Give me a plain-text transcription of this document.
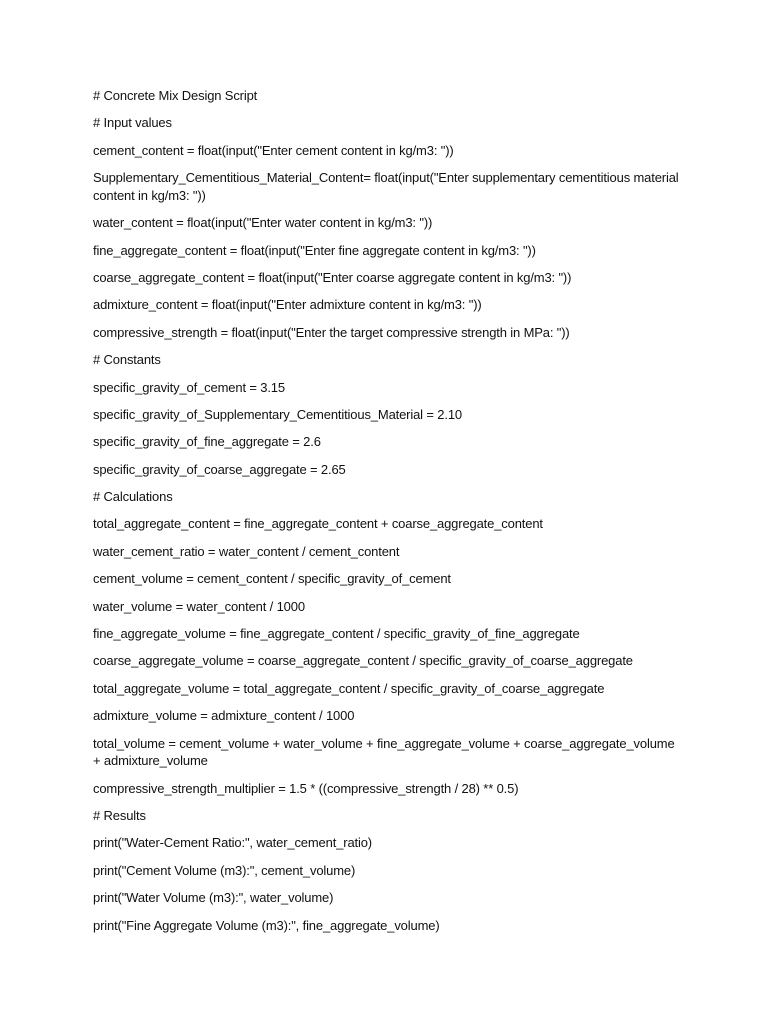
# Concrete Mix Design Script

# Input values

cement_content = float(input("Enter cement content in kg/m3: "))

Supplementary_Cementitious_Material_Content= float(input("Enter supplementary cementitious material content in kg/m3: "))

water_content = float(input("Enter water content in kg/m3: "))

fine_aggregate_content = float(input("Enter fine aggregate content in kg/m3: "))

coarse_aggregate_content = float(input("Enter coarse aggregate content in kg/m3: "))

admixture_content = float(input("Enter admixture content in kg/m3: "))

compressive_strength = float(input("Enter the target compressive strength in MPa: "))

# Constants

specific_gravity_of_cement = 3.15

specific_gravity_of_Supplementary_Cementitious_Material = 2.10

specific_gravity_of_fine_aggregate = 2.6

specific_gravity_of_coarse_aggregate = 2.65

# Calculations

total_aggregate_content = fine_aggregate_content + coarse_aggregate_content

water_cement_ratio = water_content / cement_content

cement_volume = cement_content / specific_gravity_of_cement

water_volume = water_content / 1000

fine_aggregate_volume = fine_aggregate_content / specific_gravity_of_fine_aggregate

coarse_aggregate_volume = coarse_aggregate_content / specific_gravity_of_coarse_aggregate

total_aggregate_volume = total_aggregate_content / specific_gravity_of_coarse_aggregate

admixture_volume = admixture_content / 1000

total_volume = cement_volume + water_volume + fine_aggregate_volume + coarse_aggregate_volume + admixture_volume

compressive_strength_multiplier = 1.5 * ((compressive_strength / 28) ** 0.5)

# Results

print("Water-Cement Ratio:", water_cement_ratio)

print("Cement Volume (m3):", cement_volume)

print("Water Volume (m3):", water_volume)

print("Fine Aggregate Volume (m3):", fine_aggregate_volume)
